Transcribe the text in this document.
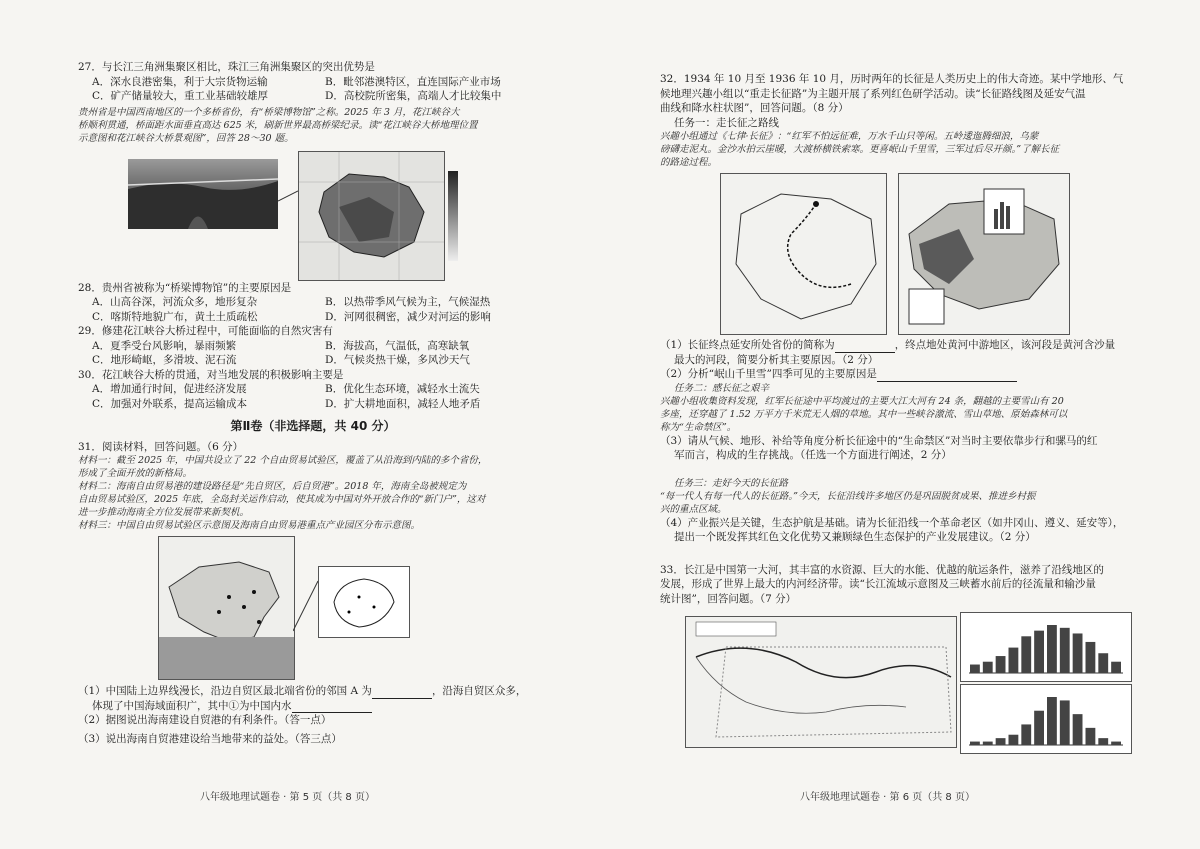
27．与长江三角洲集聚区相比，珠江三角洲集聚区的突出优势是
A．深水良港密集，利于大宗货物运输	B．毗邻港澳特区，直连国际产业市场
C．矿产储量较大，重工业基础较雄厚	D．高校院所密集，高端人才比较集中
贵州省是中国西南地区的一个多桥省份，有“桥梁博物馆”之称。2025 年 3 月，花江峡谷大
桥顺利贯通，桥面距水面垂直高达 625 米，刷新世界最高桥梁纪录。读“花江峡谷大桥地理位置
示意图和花江峡谷大桥景观图”，回答 28～30 题。
28．贵州省被称为“桥梁博物馆”的主要原因是
A．山高谷深，河流众多，地形复杂	B．以热带季风气候为主，气候湿热
C．喀斯特地貌广布，黄土土质疏松	D．河网很稠密，减少对河运的影响
29．修建花江峡谷大桥过程中，可能面临的自然灾害有
A．夏季受台风影响，暴雨频繁	B．海拔高，气温低，高寒缺氧
C．地形崎岖，多滑坡、泥石流	D．气候炎热干燥，多风沙天气
30．花江峡谷大桥的贯通，对当地发展的积极影响主要是
A．增加通行时间，促进经济发展	B．优化生态环境，减轻水土流失
C．加强对外联系，提高运输成本	D．扩大耕地面积，减轻人地矛盾
第Ⅱ卷（非选择题，共 40 分）
31．阅读材料，回答问题。（6 分）
材料一：截至 2025 年，中国共设立了 22 个自由贸易试验区，覆盖了从沿海到内陆的多个省份，
形成了全面开放的新格局。
材料二：海南自由贸易港的建设路径是“先自贸区，后自贸港”。2018 年，海南全岛被规定为
自由贸易试验区，2025 年底，全岛封关运作启动，使其成为中国对外开放合作的“新门户”，这对
进一步推动海南全方位发展带来新契机。
材料三：中国自由贸易试验区示意图及海南自由贸易港重点产业园区分布示意图。
（1）中国陆上边界线漫长，沿边自贸区最北端省份的邻国 A 为	，沿海自贸区众多，
体现了中国海域面积广，其中①为中国内水
（2）据图说出海南建设自贸港的有利条件。（答一点）
（3）说出海南自贸港建设给当地带来的益处。（答三点）
八年级地理试题卷 · 第 5 页（共 8 页）
32．1934 年 10 月至 1936 年 10 月，历时两年的长征是人类历史上的伟大奇迹。某中学地形、气
候地理兴趣小组以“重走长征路”为主题开展了系列红色研学活动。读“长征路线图及延安气温
曲线和降水柱状图”，回答问题。（8 分）
任务一：走长征之路线
兴趣小组通过《七律·长征》：“红军不怕远征难，万水千山只等闲。五岭逶迤腾细浪，乌蒙
磅礴走泥丸。金沙水拍云崖暖，大渡桥横铁索寒。更喜岷山千里雪，三军过后尽开颜。”了解长征
的路途过程。
（1）长征终点延安所处省份的简称为	，终点地处黄河中游地区，该河段是黄河含沙量
最大的河段，简要分析其主要原因。（2 分）
（2）分析“岷山千里雪”四季可见的主要原因是
任务二：感长征之艰辛
兴趣小组收集资料发现，红军长征途中平均渡过的主要大江大河有 24 条，翻越的主要雪山有 20
多座，还穿越了 1.52 万平方千米荒无人烟的草地。其中一些峡谷激流、雪山草地、原始森林可以
称为“生命禁区”。
（3）请从气候、地形、补给等角度分析长征途中的“生命禁区”对当时主要依靠步行和骡马的红
军而言，构成的生存挑战。（任选一个方面进行阐述，2 分）
任务三：走好今天的长征路
“每一代人有每一代人的长征路。”今天，长征沿线许多地区仍是巩固脱贫成果、推进乡村振
兴的重点区域。
（4）产业振兴是关键，生态护航是基础。请为长征沿线一个革命老区（如井冈山、遵义、延安等），
提出一个既发挥其红色文化优势又兼顾绿色生态保护的产业发展建议。（2 分）
33．长江是中国第一大河，其丰富的水资源、巨大的水能、优越的航运条件，滋养了沿线地区的
发展，形成了世界上最大的内河经济带。读“长江流域示意图及三峡蓄水前后的径流量和输沙量
统计图”，回答问题。（7 分）
八年级地理试题卷 · 第 6 页（共 8 页）
